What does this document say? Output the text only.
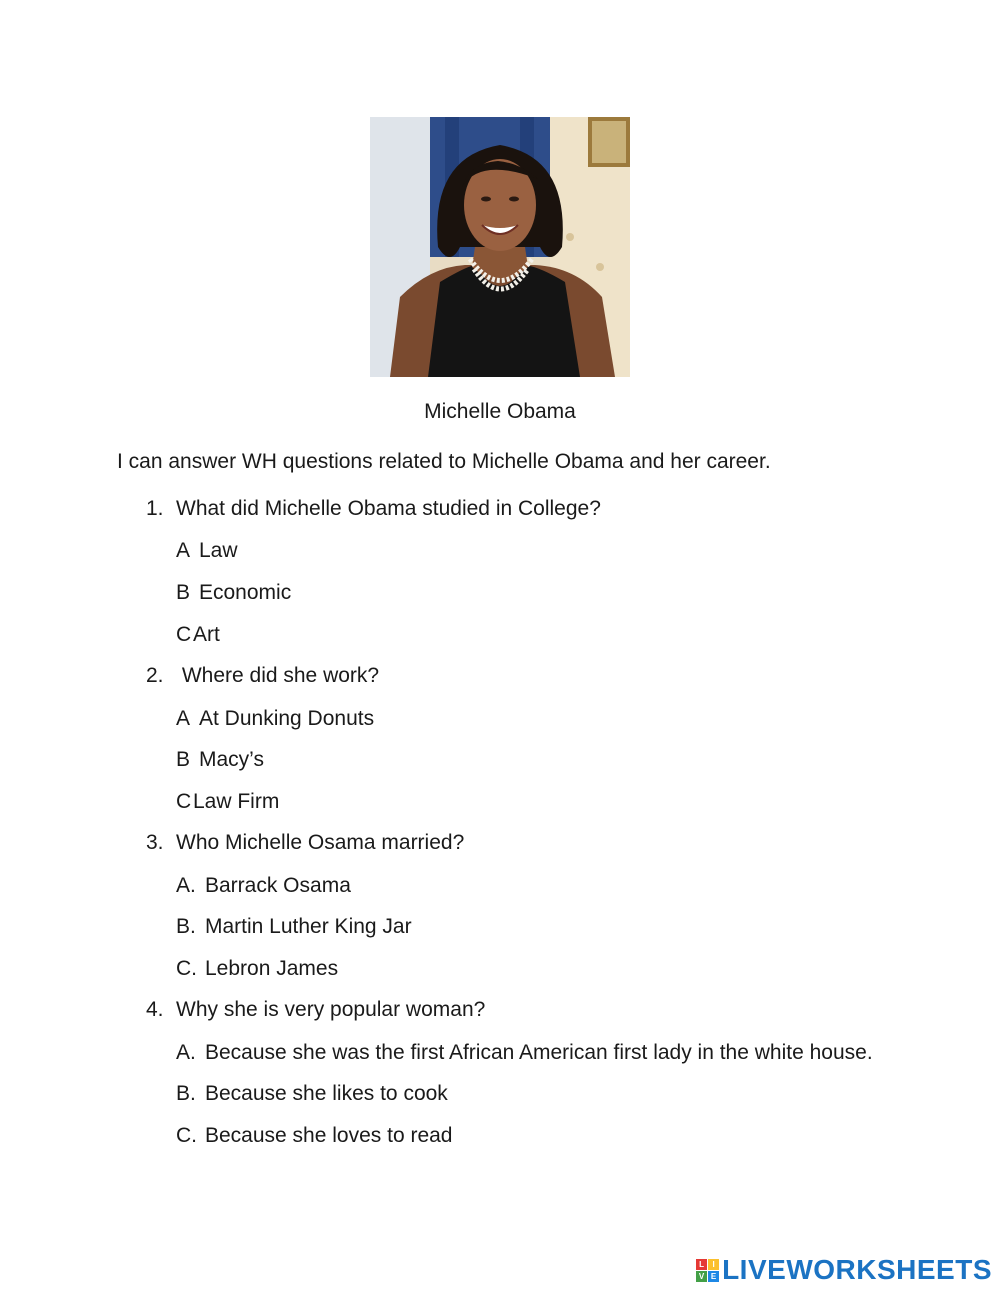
Michelle Obama
I can answer WH questions related to Michelle Obama and her career.
1. What did Michelle Obama studied in College?
A Law
B Economic
C Art
2. Where did she work?
A At Dunking Donuts
B Macy’s
C Law Firm
3. Who Michelle Osama married?
A. Barrack Osama
B. Martin Luther King Jar
C. Lebron James
4. Why she is very popular woman?
A. Because she was the first African American first lady in the white house.
B. Because she likes to cook
C. Because she loves to read
L	I
V E LIVEWORKSHEETS
